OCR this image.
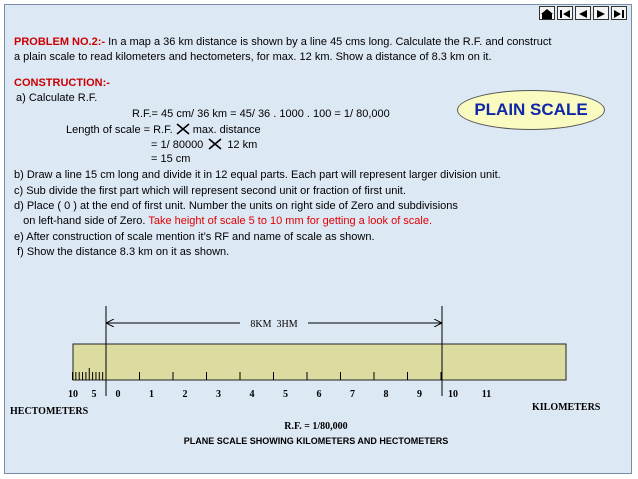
PROBLEM NO.2:- In a map a 36 km distance is shown by a line 45 cms long. Calculate the R.F. and construct
a plain scale to read kilometers and hectometers, for max. 12 km. Show a distance of 8.3 km on it.
CONSTRUCTION:-
a) Calculate R.F.
R.F.= 45 cm/ 36 km = 45/ 36 . 1000 . 100 = 1/ 80,000
Length of scale = R.F. max. distance
= 1/ 80000 12 km
= 15 cm
b) Draw a line 15 cm long and divide it in 12 equal parts. Each part will represent larger division unit.
c) Sub divide the first part which will represent second unit or fraction of first unit.
d) Place ( 0 ) at the end of first unit. Number the units on right side of Zero and subdivisions
on left-hand side of Zero. Take height of scale 5 to 10 mm for getting a look of scale.
e) After construction of scale mention it’s RF and name of scale as shown.
f) Show the distance 8.3 km on it as shown.
PLAIN SCALE
8KM  3HM
0	1	2	3	4	5	6	7	8	9	10 11
10 5
HECTOMETERS	KILOMETERS
R.F. = 1/80,000
PLANE SCALE SHOWING KILOMETERS AND HECTOMETERS
